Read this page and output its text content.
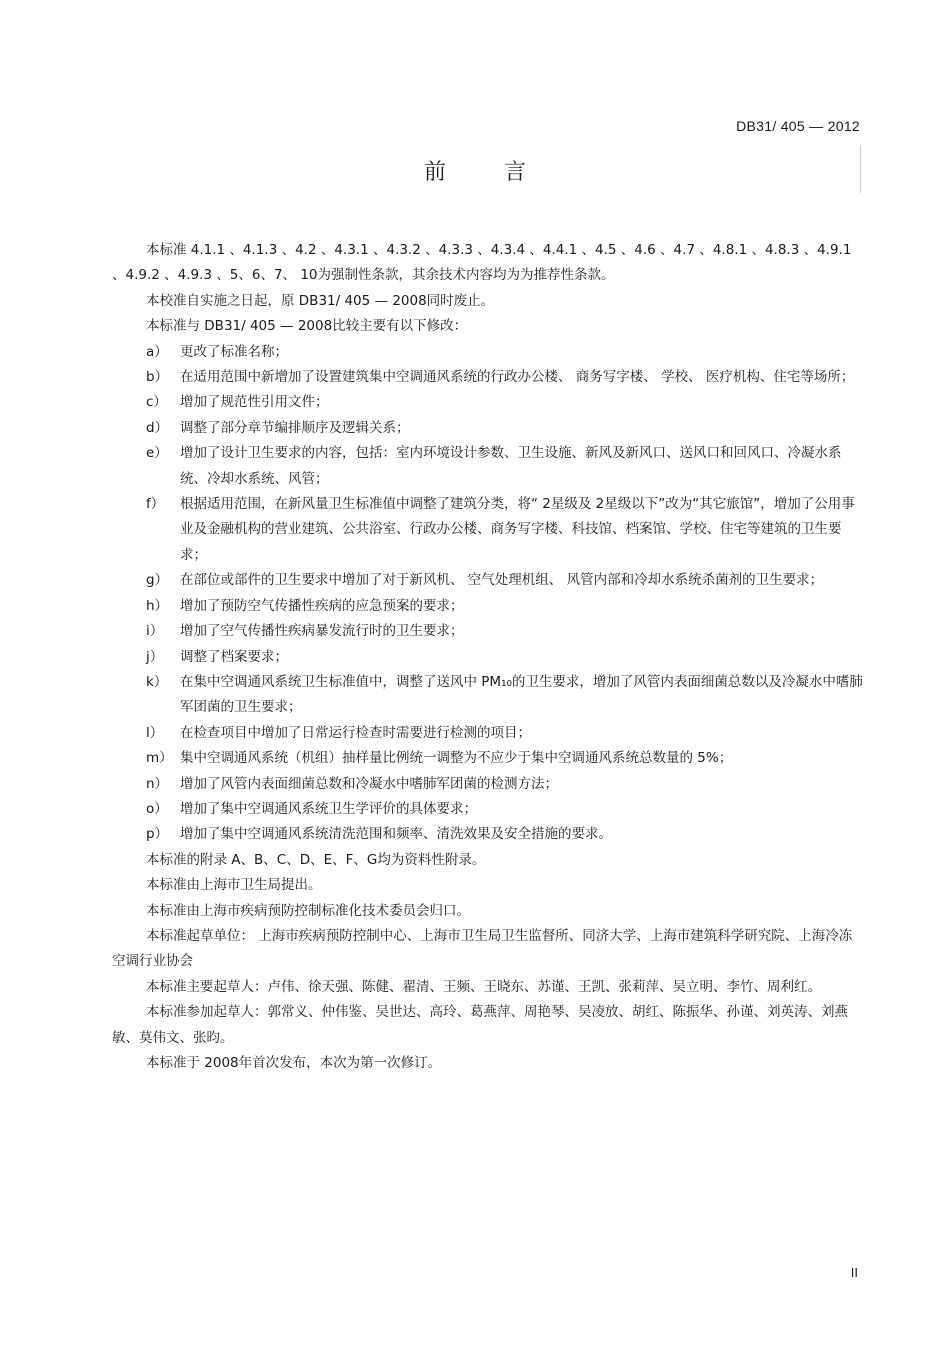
DB31/ 405 — 2012
前言

本标准 4.1.1 、4.1.3 、4.2 、4.3.1 、4.3.2 、4.3.3 、4.3.4 、4.4.1 、4.5 、4.6 、4.7 、4.8.1 、4.8.3 、4.9.1 、4.9.2 、4.9.3 、5、6、7、 10为强制性条款，其余技术内容均为为推荐性条款。

本校准自实施之日起，原 DB31/ 405 — 2008同时废止。

本标准与 DB31/ 405 — 2008比较主要有以下修改：

a） 更改了标准名称；
b） 在适用范围中新增加了设置建筑集中空调通风系统的行政办公楼、 商务写字楼、 学校、 医疗机构、住宅等场所；
c） 增加了规范性引用文件；
d） 调整了部分章节编排顺序及逻辑关系；
e） 增加了设计卫生要求的内容，包括：室内环境设计参数、卫生设施、新风及新风口、送风口和回风口、冷凝水系统、冷却水系统、风管；
f）	根据适用范围，在新风量卫生标准值中调整了建筑分类，将“ 2星级及 2星级以下”改为“其它旅馆”，增加了公用事业及金融机构的营业建筑、公共浴室、行政办公楼、商务写字楼、科技馆、档案馆、学校、住宅等建筑的卫生要求；
g） 在部位或部件的卫生要求中增加了对于新风机、 空气处理机组、 风管内部和冷却水系统杀菌剂的卫生要求；
h） 增加了预防空气传播性疾病的应急预案的要求；
i）	增加了空气传播性疾病暴发流行时的卫生要求；
j）	调整了档案要求；
k） 在集中空调通风系统卫生标准值中，调整了送风中 PM₁₀的卫生要求，增加了风管内表面细菌总数以及冷凝水中嗜肺军团菌的卫生要求；
l）	在检查项目中增加了日常运行检查时需要进行检测的项目；
m） 集中空调通风系统（机组）抽样量比例统一调整为不应少于集中空调通风系统总数量的 5%；
n） 增加了风管内表面细菌总数和冷凝水中嗜肺军团菌的检测方法；
o） 增加了集中空调通风系统卫生学评价的具体要求；
p） 增加了集中空调通风系统清洗范围和频率、清洗效果及安全措施的要求。

本标准的附录 A、B、C、D、E、F、G均为资料性附录。

本标准由上海市卫生局提出。

本标准由上海市疾病预防控制标准化技术委员会归口。

本标准起草单位： 上海市疾病预防控制中心、上海市卫生局卫生监督所、同济大学、上海市建筑科学研究院、上海冷冻空调行业协会

本标准主要起草人：卢伟、徐天强、陈健、翟清、王频、王晓东、苏谨、王凯、张莉萍、吴立明、李竹、周利红。

本标准参加起草人：郭常义、仲伟鉴、吴世达、高玲、葛燕萍、周艳琴、吴凌放、胡红、陈振华、孙谨、刘英涛、刘燕敏、莫伟文、张昀。

本标准于 2008年首次发布，本次为第一次修订。

II
